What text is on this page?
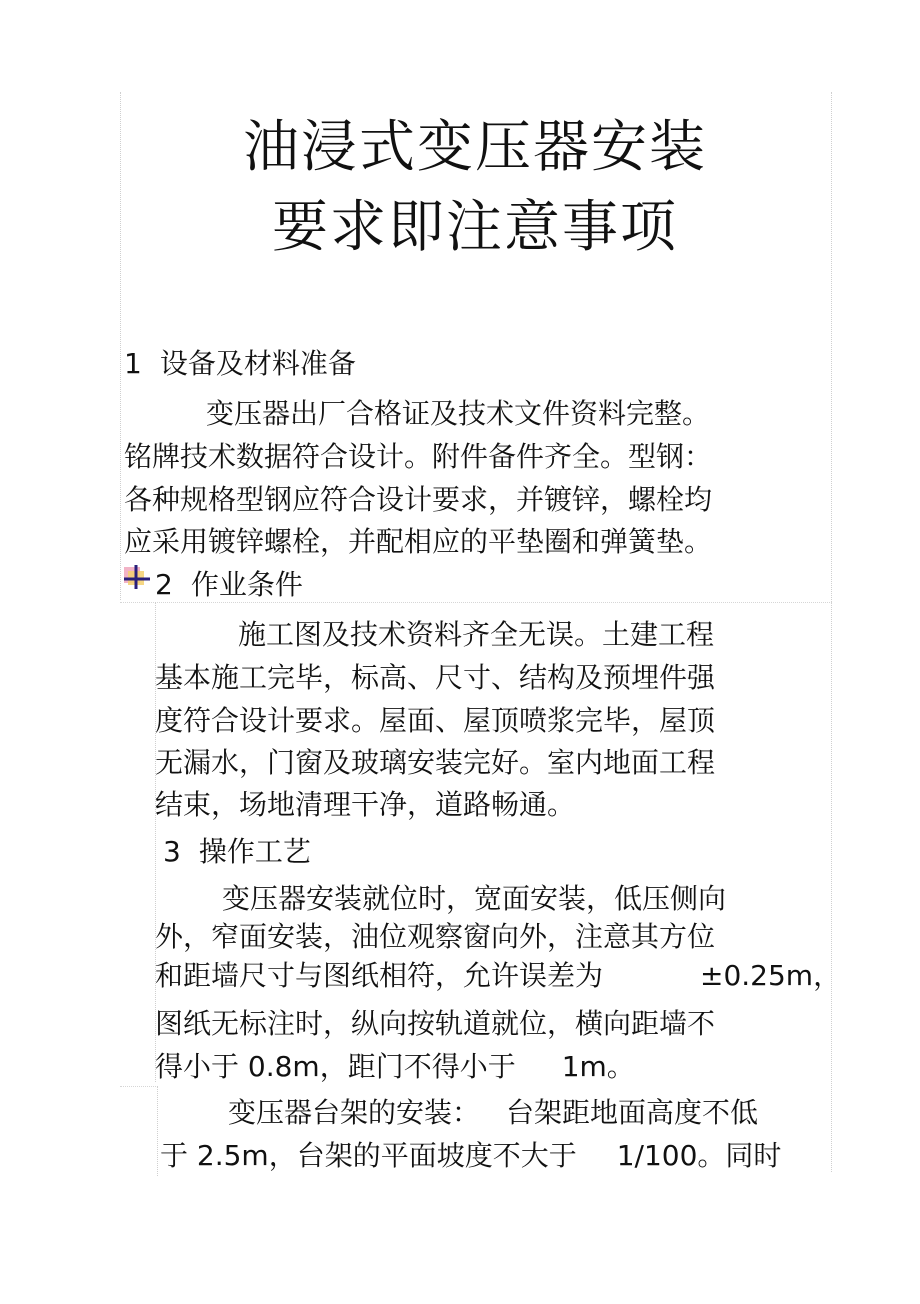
油浸式变压器安装
要求即注意事项
1 设备及材料准备
变压器出厂合格证及技术文件资料完整。
铭牌技术数据符合设计。附件备件齐全。型钢：
各种规格型钢应符合设计要求，并镀锌，螺栓均
应采用镀锌螺栓，并配相应的平垫圈和弹簧垫。
2 作业条件
施工图及技术资料齐全无误。土建工程
基本施工完毕，标高、尺寸、结构及预埋件强
度符合设计要求。屋面、屋顶喷浆完毕，屋顶
无漏水，门窗及玻璃安装完好。室内地面工程
结束，场地清理干净，道路畅通。
3 操作工艺
变压器安装就位时，宽面安装，低压侧向
外，窄面安装，油位观察窗向外，注意其方位
和距墙尺寸与图纸相符，允许误差为	±0.25m，
图纸无标注时，纵向按轨道就位，横向距墙不
得小于 0.8m，距门不得小于 1m。
变压器台架的安装： 台架距地面高度不低
于 2.5m，台架的平面坡度不大于 1/100。同时
